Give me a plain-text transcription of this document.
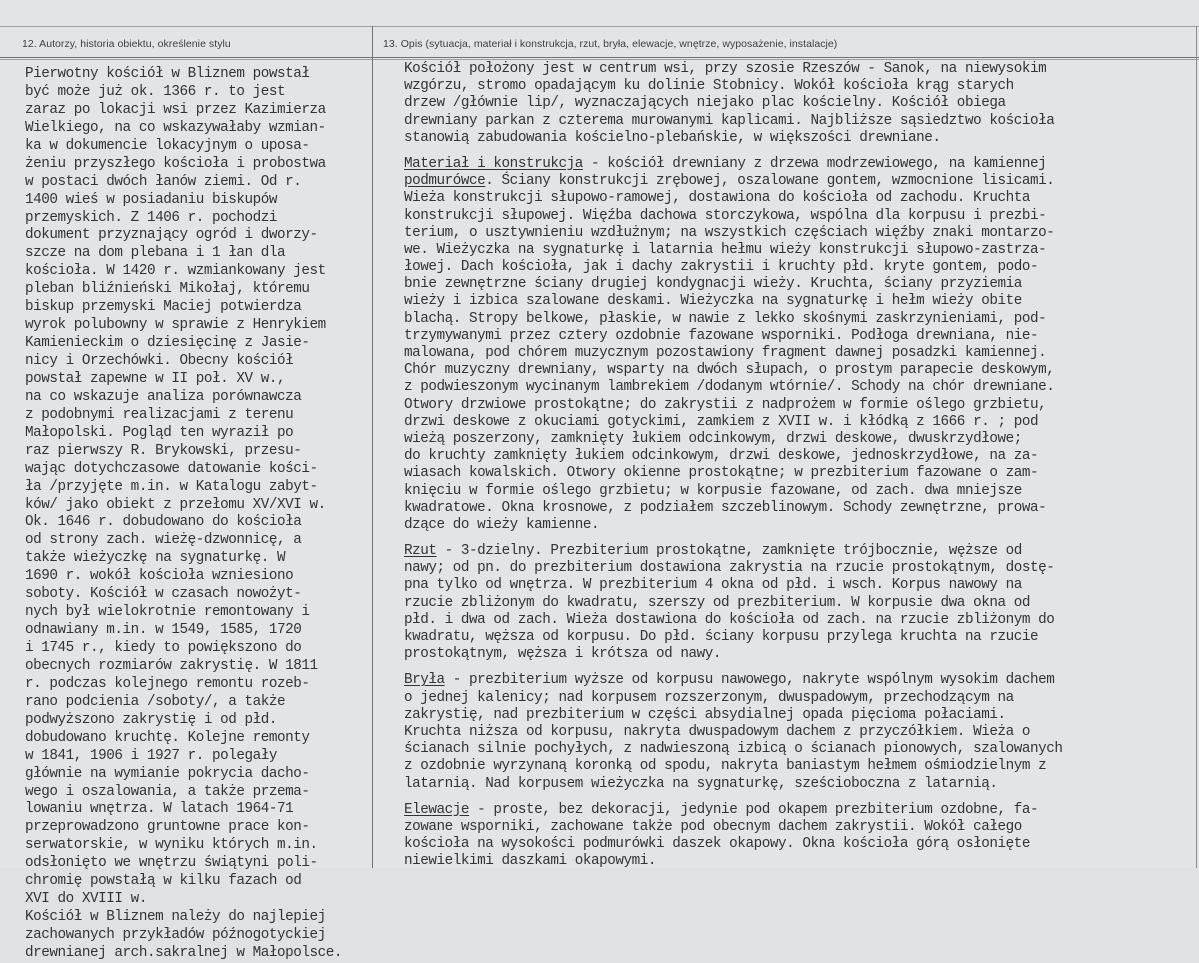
12. Autorzy, historia obiektu, określenie stylu	13. Opis (sytuacja, materiał i konstrukcja, rzut, bryła, elewacje, wnętrze, wyposażenie, instalacje)
Pierwotny kościół w Bliznem powstał
być może już ok. 1366 r. to jest
zaraz po lokacji wsi przez Kazimierza
Wielkiego, na co wskazywałaby wzmian-
ka w dokumencie lokacyjnym o uposa-
żeniu przyszłego kościoła i probostwa
w postaci dwóch łanów ziemi. Od r.
1400 wieś w posiadaniu biskupów
przemyskich. Z 1406 r. pochodzi
dokument przyznający ogród i dworzy-
szcze na dom plebana i 1 łan dla
kościoła. W 1420 r. wzmiankowany jest
pleban bliźnieński Mikołaj, któremu
biskup przemyski Maciej potwierdza
wyrok polubowny w sprawie z Henrykiem
Kamienieckim o dziesięcinę z Jasie-
nicy i Orzechówki. Obecny kościół
powstał zapewne w II poł. XV w.,
na co wskazuje analiza porównawcza
z podobnymi realizacjami z terenu
Małopolski. Pogląd ten wyraził po
raz pierwszy R. Brykowski, przesu-
wając dotychczasowe datowanie kości-
ła /przyjęte m.in. w Katalogu zabyt-
ków/ jako obiekt z przełomu XV/XVI w.
Ok. 1646 r. dobudowano do kościoła
od strony zach. wieżę-dzwonnicę, a
także wieżyczkę na sygnaturkę. W
1690 r. wokół kościoła wzniesiono
soboty. Kościół w czasach nowożyt-
nych był wielokrotnie remontowany i
odnawiany m.in. w 1549, 1585, 1720
i 1745 r., kiedy to powiększono do
obecnych rozmiarów zakrystię. W 1811
r. podczas kolejnego remontu rozeb-
rano podcienia /soboty/, a także
podwyższono zakrystię i od płd.
dobudowano kruchtę. Kolejne remonty
w 1841, 1906 i 1927 r. polegały
głównie na wymianie pokrycia dacho-
wego i oszalowania, a także przema-
lowaniu wnętrza. W latach 1964-71
przeprowadzono gruntowne prace kon-
serwatorskie, w wyniku których m.in.
odsłonięto we wnętrzu świątyni poli-
chromię powstałą w kilku fazach od
XVI do XVIII w.
Kościół w Bliznem należy do najlepiej
zachowanych przykładów późnogotyckiej
drewnianej arch.sakralnej w Małopolsce.
Kościół położony jest w centrum wsi, przy szosie Rzeszów - Sanok, na niewysokim
wzgórzu, stromo opadającym ku dolinie Stobnicy. Wokół kościoła krąg starych
drzew /głównie lip/, wyznaczających niejako plac kościelny. Kościół obiega
drewniany parkan z czterema murowanymi kaplicami. Najbliższe sąsiedztwo kościoła
stanowią zabudowania kościelno-plebańskie, w większości drewniane.
Materiał i konstrukcja - kościół drewniany z drzewa modrzewiowego, na kamiennej
podmurówce. Ściany konstrukcji zrębowej, oszalowane gontem, wzmocnione lisicami.
Wieża konstrukcji słupowo-ramowej, dostawiona do kościoła od zachodu. Kruchta
konstrukcji słupowej. Więźba dachowa storczykowa, wspólna dla korpusu i prezbi-
terium, o usztywnieniu wzdłużnym; na wszystkich częściach więźby znaki montarzo-
we. Wieżyczka na sygnaturkę i latarnia hełmu wieży konstrukcji słupowo-zastrza-
łowej. Dach kościoła, jak i dachy zakrystii i kruchty płd. kryte gontem, podo-
bnie zewnętrzne ściany drugiej kondygnacji wieży. Kruchta, ściany przyziemia
wieży i izbica szalowane deskami. Wieżyczka na sygnaturkę i hełm wieży obite
blachą. Stropy belkowe, płaskie, w nawie z lekko skośnymi zaskrzynieniami, pod-
trzymywanymi przez cztery ozdobnie fazowane wsporniki. Podłoga drewniana, nie-
malowana, pod chórem muzycznym pozostawiony fragment dawnej posadzki kamiennej.
Chór muzyczny drewniany, wsparty na dwóch słupach, o prostym parapecie deskowym,
z podwieszonym wycinanym lambrekiem /dodanym wtórnie/. Schody na chór drewniane.
Otwory drzwiowe prostokątne; do zakrystii z nadprożem w formie oślego grzbietu,
drzwi deskowe z okuciami gotyckimi, zamkiem z XVII w. i kłódką z 1666 r. ; pod
wieżą poszerzony, zamknięty łukiem odcinkowym, drzwi deskowe, dwuskrzydłowe;
do kruchty zamknięty łukiem odcinkowym, drzwi deskowe, jednoskrzydłowe, na za-
wiasach kowalskich. Otwory okienne prostokątne; w prezbiterium fazowane o zam-
knięciu w formie oślego grzbietu; w korpusie fazowane, od zach. dwa mniejsze
kwadratowe. Okna krosnowe, z podziałem szczeblinowym. Schody zewnętrzne, prowa-
dzące do wieży kamienne.
Rzut - 3-dzielny. Prezbiterium prostokątne, zamknięte trójbocznie, węższe od
nawy; od pn. do prezbiterium dostawiona zakrystia na rzucie prostokątnym, dostę-
pna tylko od wnętrza. W prezbiterium 4 okna od płd. i wsch. Korpus nawowy na
rzucie zbliżonym do kwadratu, szerszy od prezbiterium. W korpusie dwa okna od
płd. i dwa od zach. Wieża dostawiona do kościoła od zach. na rzucie zbliżonym do
kwadratu, węższa od korpusu. Do płd. ściany korpusu przylega kruchta na rzucie
prostokątnym, węższa i krótsza od nawy.
Bryła - prezbiterium wyższe od korpusu nawowego, nakryte wspólnym wysokim dachem
o jednej kalenicy; nad korpusem rozszerzonym, dwuspadowym, przechodzącym na
zakrystię, nad prezbiterium w części absydialnej opada pięcioma połaciami.
Kruchta niższa od korpusu, nakryta dwuspadowym dachem z przyczółkiem. Wieża o
ścianach silnie pochyłych, z nadwieszoną izbicą o ścianach pionowych, szalowanych
z ozdobnie wyrzynaną koronką od spodu, nakryta baniastym hełmem ośmiodzielnym z
latarnią. Nad korpusem wieżyczka na sygnaturkę, sześcioboczna z latarnią.
Elewacje - proste, bez dekoracji, jedynie pod okapem prezbiterium ozdobne, fa-
zowane wsporniki, zachowane także pod obecnym dachem zakrystii. Wokół całego
kościoła na wysokości podmurówki daszek okapowy. Okna kościoła górą osłonięte
niewielkimi daszkami okapowymi.
